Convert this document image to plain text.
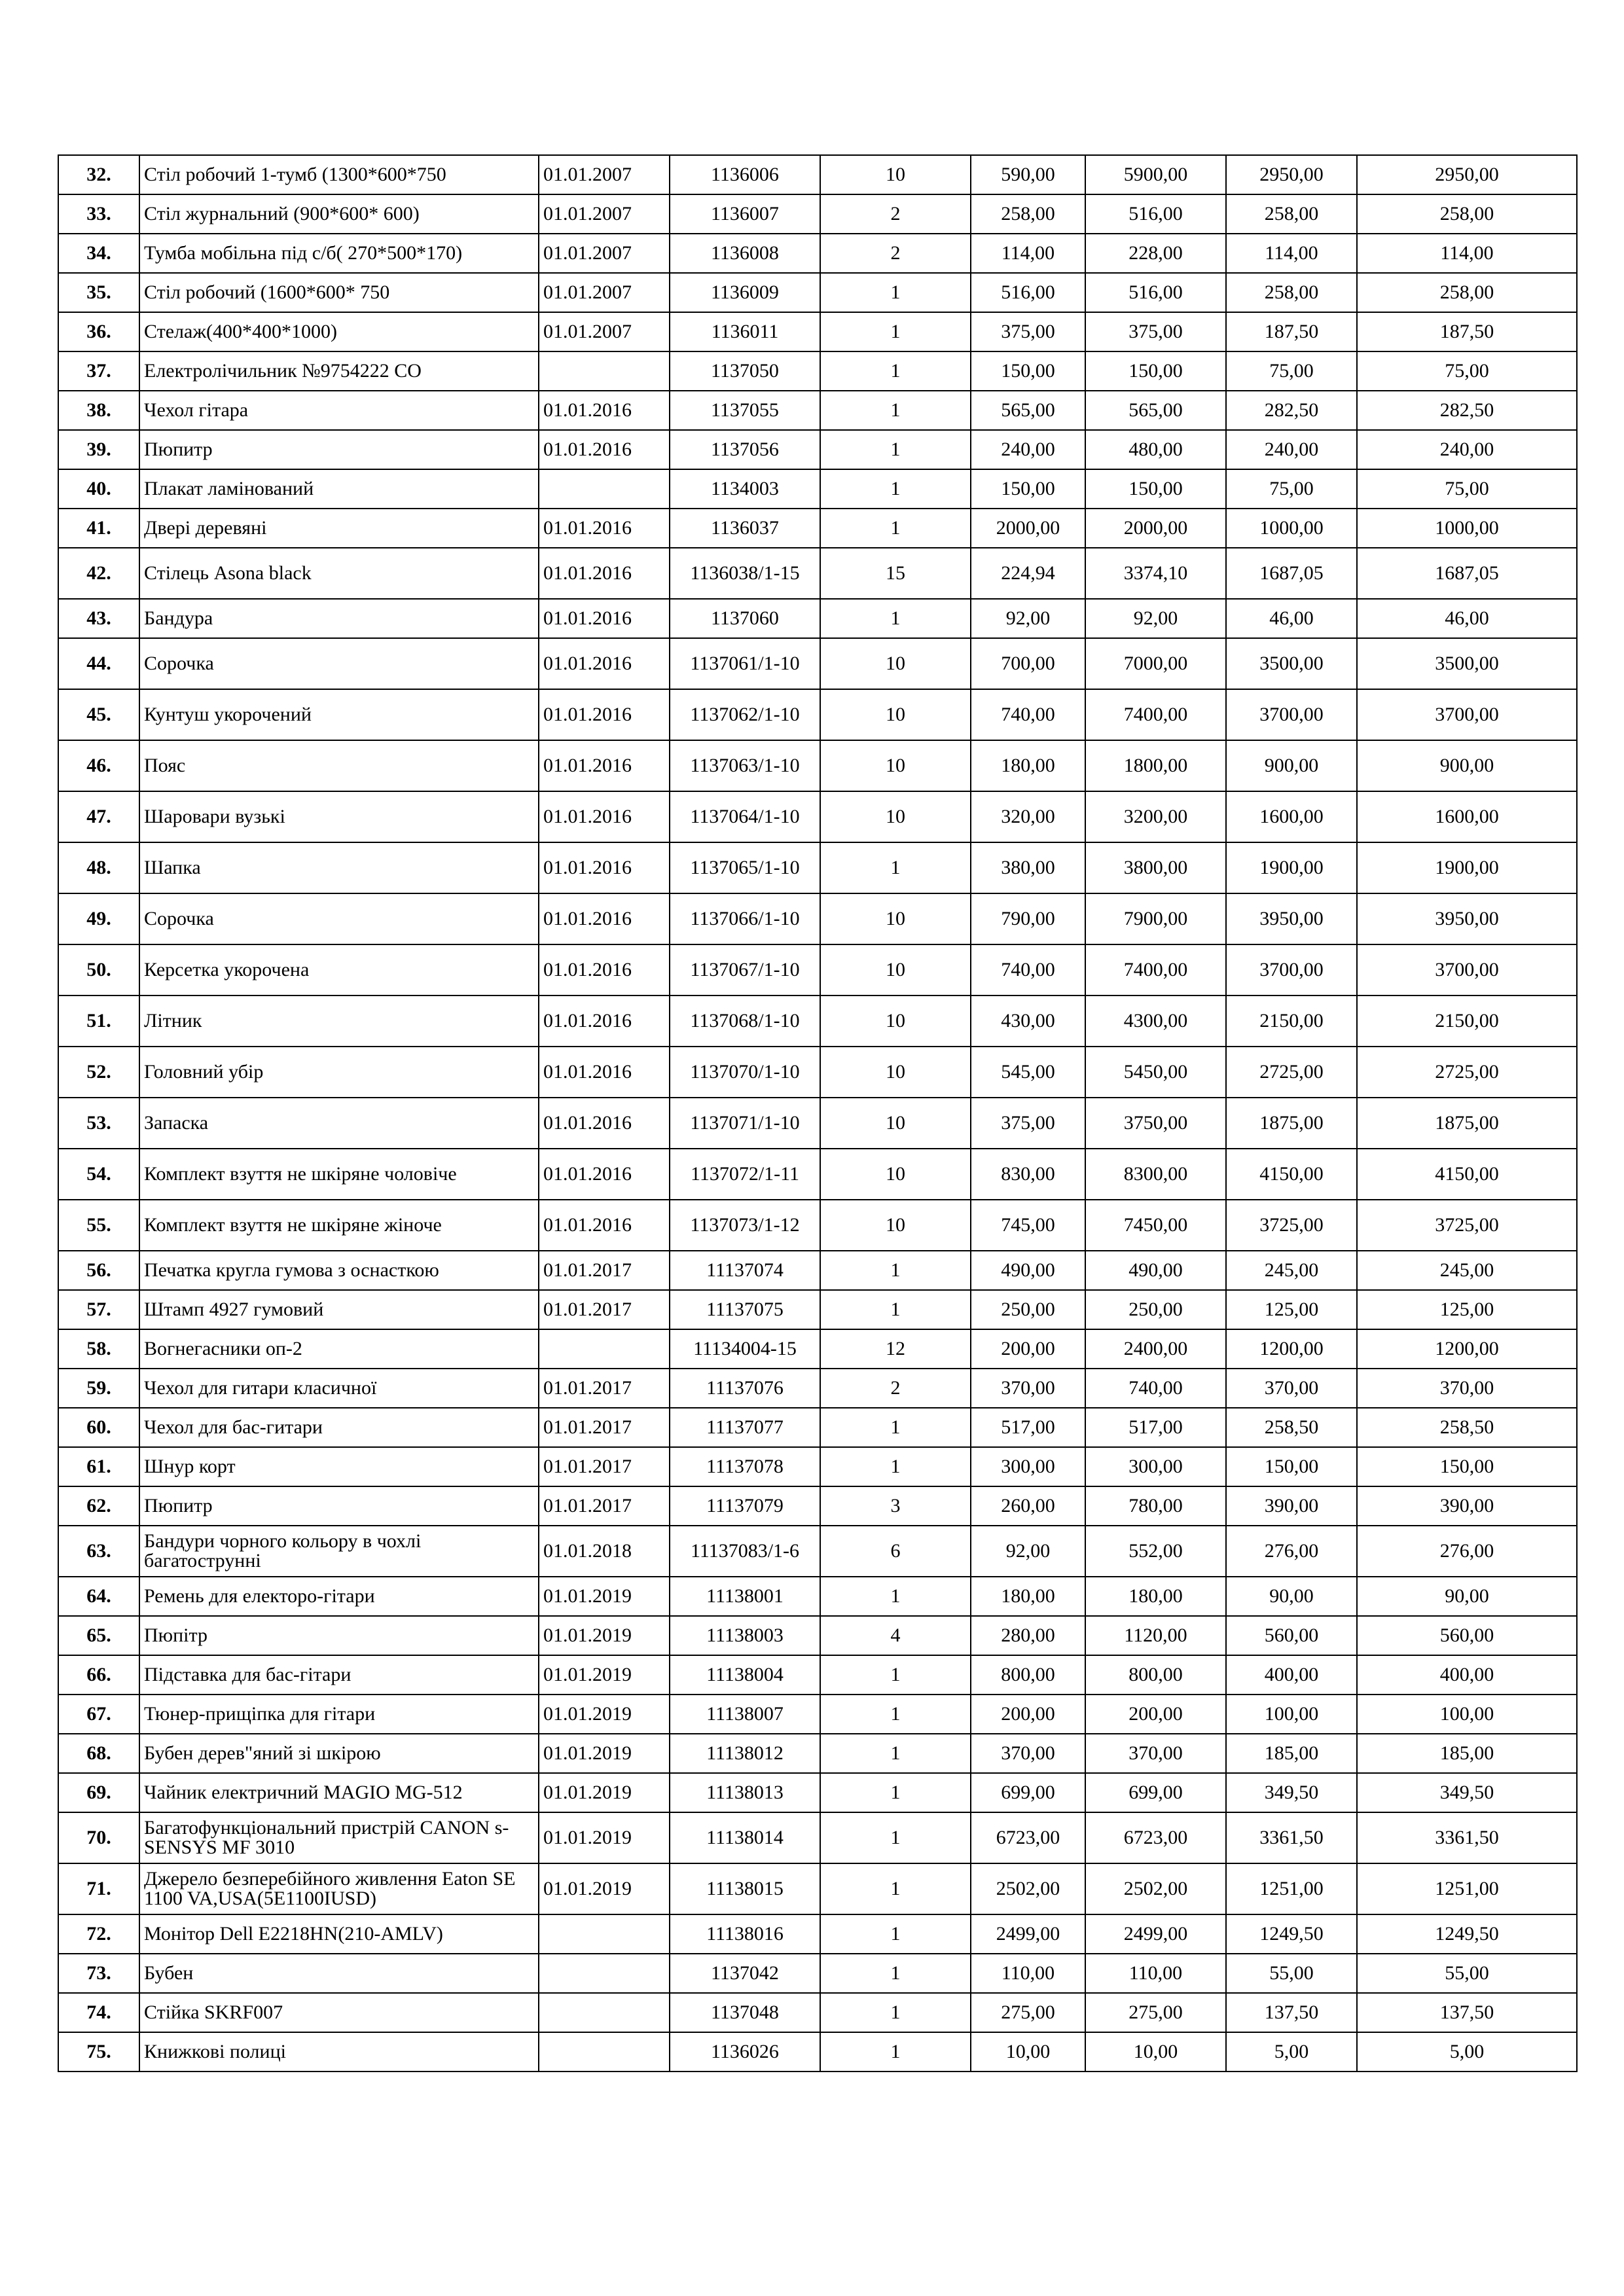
32.	Стіл робочий 1-тумб (1300*600*750	01.01.2007	1136006	10	590,00	5900,00	2950,00	2950,00
33.	Стіл журнальний (900*600* 600)	01.01.2007	1136007	2	258,00	516,00	258,00	258,00
34.	Тумба мобільна під с/б( 270*500*170)	01.01.2007	1136008	2	114,00	228,00	114,00	114,00
35.	Стіл робочий (1600*600* 750	01.01.2007	1136009	1	516,00	516,00	258,00	258,00
36.	Стелаж(400*400*1000)	01.01.2007	1136011	1	375,00	375,00	187,50	187,50
37.	Електролічильник №9754222 СО		1137050	1	150,00	150,00	75,00	75,00
38.	Чехол гітара	01.01.2016	1137055	1	565,00	565,00	282,50	282,50
39.	Пюпитр	01.01.2016	1137056	1	240,00	480,00	240,00	240,00
40.	Плакат ламінований		1134003	1	150,00	150,00	75,00	75,00
41.	Двері деревяні	01.01.2016	1136037	1	2000,00	2000,00	1000,00	1000,00
42.	Стілець Asona black	01.01.2016	1136038/1-15	15	224,94	3374,10	1687,05	1687,05
43.	Бандура	01.01.2016	1137060	1	92,00	92,00	46,00	46,00
44.	Сорочка	01.01.2016	1137061/1-10	10	700,00	7000,00	3500,00	3500,00
45.	Кунтуш укорочений	01.01.2016	1137062/1-10	10	740,00	7400,00	3700,00	3700,00
46.	Пояс	01.01.2016	1137063/1-10	10	180,00	1800,00	900,00	900,00
47.	Шаровари вузькі	01.01.2016	1137064/1-10	10	320,00	3200,00	1600,00	1600,00
48.	Шапка	01.01.2016	1137065/1-10	1	380,00	3800,00	1900,00	1900,00
49.	Сорочка	01.01.2016	1137066/1-10	10	790,00	7900,00	3950,00	3950,00
50.	Керсетка укорочена	01.01.2016	1137067/1-10	10	740,00	7400,00	3700,00	3700,00
51.	Літник	01.01.2016	1137068/1-10	10	430,00	4300,00	2150,00	2150,00
52.	Головний убір	01.01.2016	1137070/1-10	10	545,00	5450,00	2725,00	2725,00
53.	Запаска	01.01.2016	1137071/1-10	10	375,00	3750,00	1875,00	1875,00
54.	Комплект взуття не шкіряне чоловіче	01.01.2016	1137072/1-11	10	830,00	8300,00	4150,00	4150,00
55.	Комплект взуття не шкіряне жіноче	01.01.2016	1137073/1-12	10	745,00	7450,00	3725,00	3725,00
56.	Печатка кругла гумова з оснасткою	01.01.2017	11137074	1	490,00	490,00	245,00	245,00
57.	Штамп 4927 гумовий	01.01.2017	11137075	1	250,00	250,00	125,00	125,00
58.	Вогнегасники оп-2		11134004-15	12	200,00	2400,00	1200,00	1200,00
59.	Чехол для гитари класичної	01.01.2017	11137076	2	370,00	740,00	370,00	370,00
60.	Чехол для бас-гитари	01.01.2017	11137077	1	517,00	517,00	258,50	258,50
61.	Шнур корт	01.01.2017	11137078	1	300,00	300,00	150,00	150,00
62.	Пюпитр	01.01.2017	11137079	3	260,00	780,00	390,00	390,00
63.	Бандури чорного кольору в чохлі багатострунні	01.01.2018	11137083/1-6	6	92,00	552,00	276,00	276,00
64.	Ремень для електоро-гітари	01.01.2019	11138001	1	180,00	180,00	90,00	90,00
65.	Пюпітр	01.01.2019	11138003	4	280,00	1120,00	560,00	560,00
66.	Підставка для бас-гітари	01.01.2019	11138004	1	800,00	800,00	400,00	400,00
67.	Тюнер-прищіпка для гітари	01.01.2019	11138007	1	200,00	200,00	100,00	100,00
68.	Бубен дерев"яний зі шкірою	01.01.2019	11138012	1	370,00	370,00	185,00	185,00
69.	Чайник електричний MAGIO MG-512	01.01.2019	11138013	1	699,00	699,00	349,50	349,50
70.	Багатофункціональний пристрій CANON s- SENSYS MF 3010	01.01.2019	11138014	1	6723,00	6723,00	3361,50	3361,50
71.	Джерело безперебійного живлення Eaton SE 1100 VA,USA(5E1100IUSD)	01.01.2019	11138015	1	2502,00	2502,00	1251,00	1251,00
72.	Монітор Dell E2218HN(210-AMLV)		11138016	1	2499,00	2499,00	1249,50	1249,50
73.	Бубен		1137042	1	110,00	110,00	55,00	55,00
74.	Стійка SKRF007		1137048	1	275,00	275,00	137,50	137,50
75.	Книжкові полиці		1136026	1	10,00	10,00	5,00	5,00
